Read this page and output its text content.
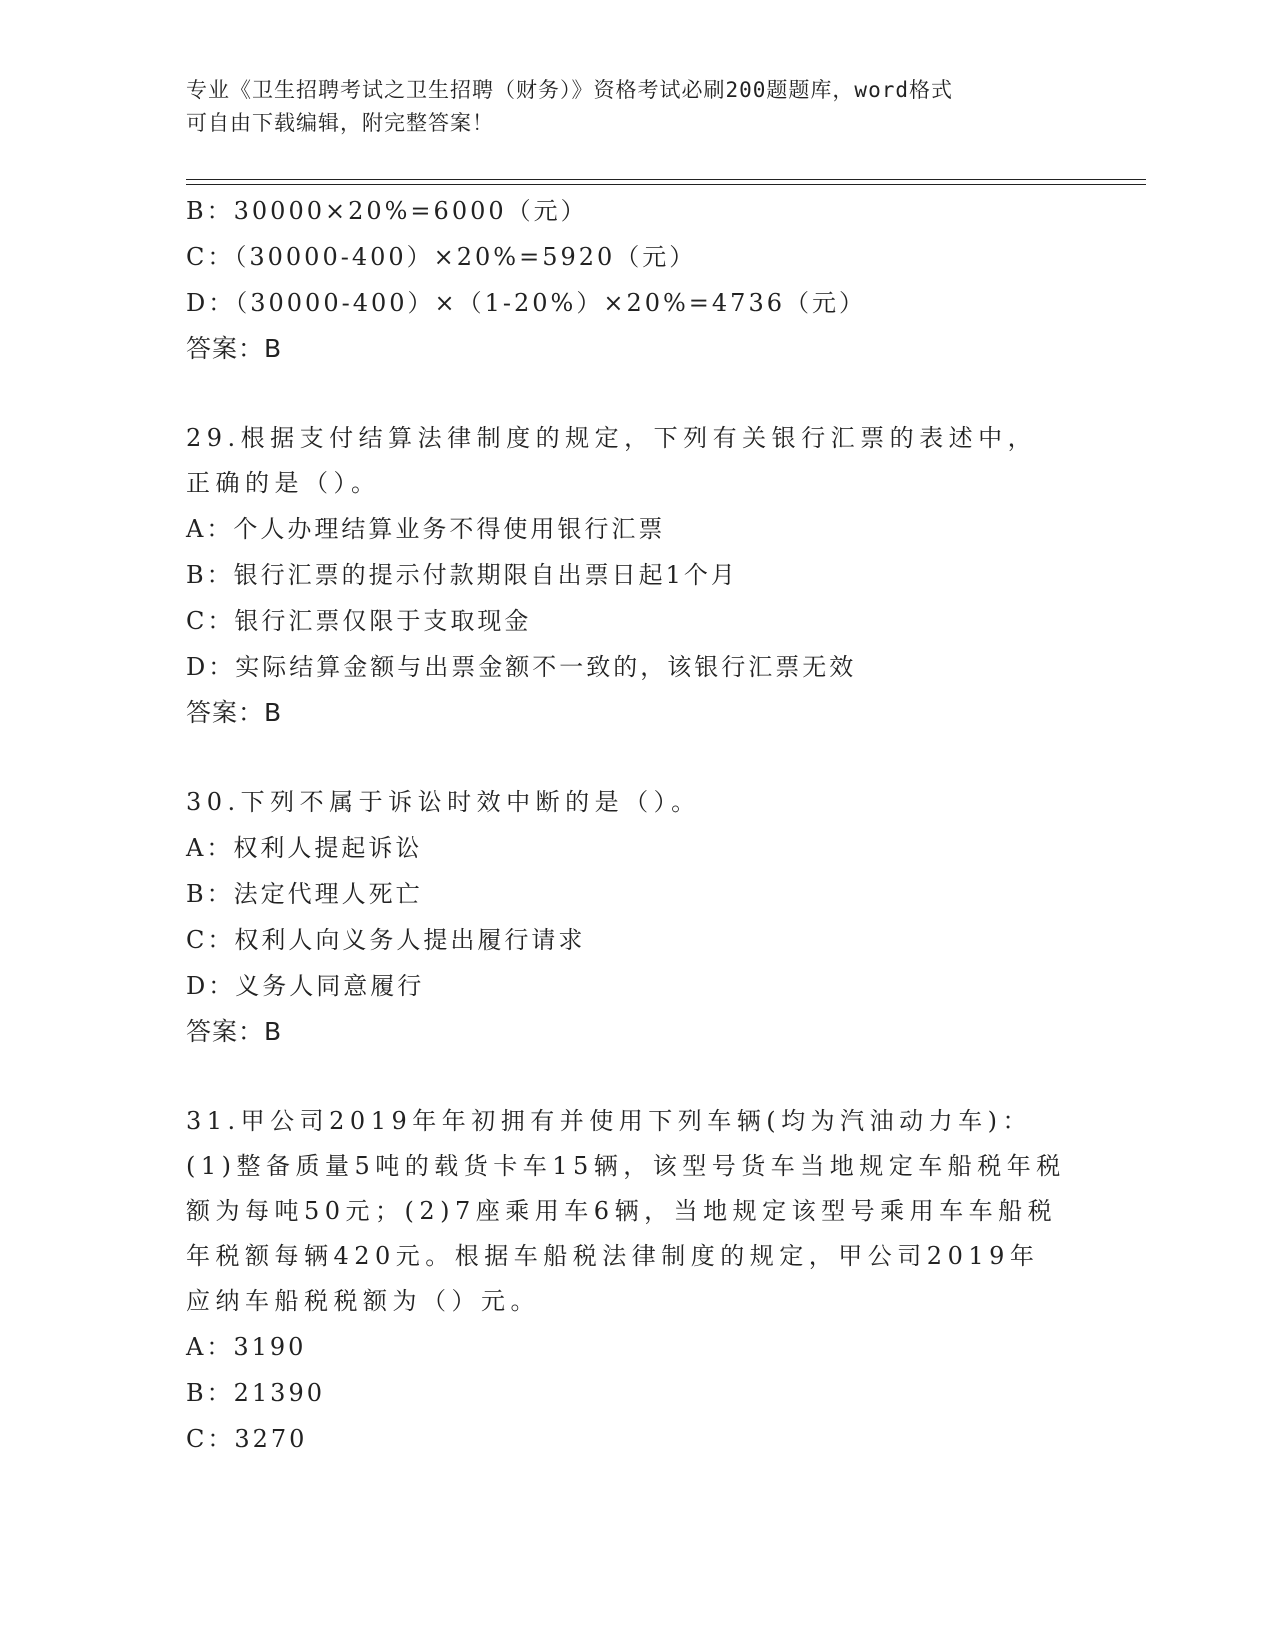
专业《卫生招聘考试之卫生招聘（财务）》资格考试必刷200题题库，word格式
可自由下载编辑，附完整答案！
B：30000×20%=6000（元）
C：（30000-400）×20%=5920（元）
D：（30000-400）×（1-20%）×20%=4736（元）
答案：B
29.根据支付结算法律制度的规定，下列有关银行汇票的表述中，正确的是（）。
A：个人办理结算业务不得使用银行汇票
B：银行汇票的提示付款期限自出票日起1个月
C：银行汇票仅限于支取现金
D：实际结算金额与出票金额不一致的，该银行汇票无效
答案：B
30.下列不属于诉讼时效中断的是（）。
A：权利人提起诉讼
B：法定代理人死亡
C：权利人向义务人提出履行请求
D：义务人同意履行
答案：B
31.甲公司2019年年初拥有并使用下列车辆(均为汽油动力车)：(1)整备质量5吨的载货卡车15辆，该型号货车当地规定车船税年税额为每吨50元；(2)7座乘用车6辆，当地规定该型号乘用车车船税年税额每辆420元。根据车船税法律制度的规定，甲公司2019年应纳车船税税额为（）元。
A：3190
B：21390
C：3270
